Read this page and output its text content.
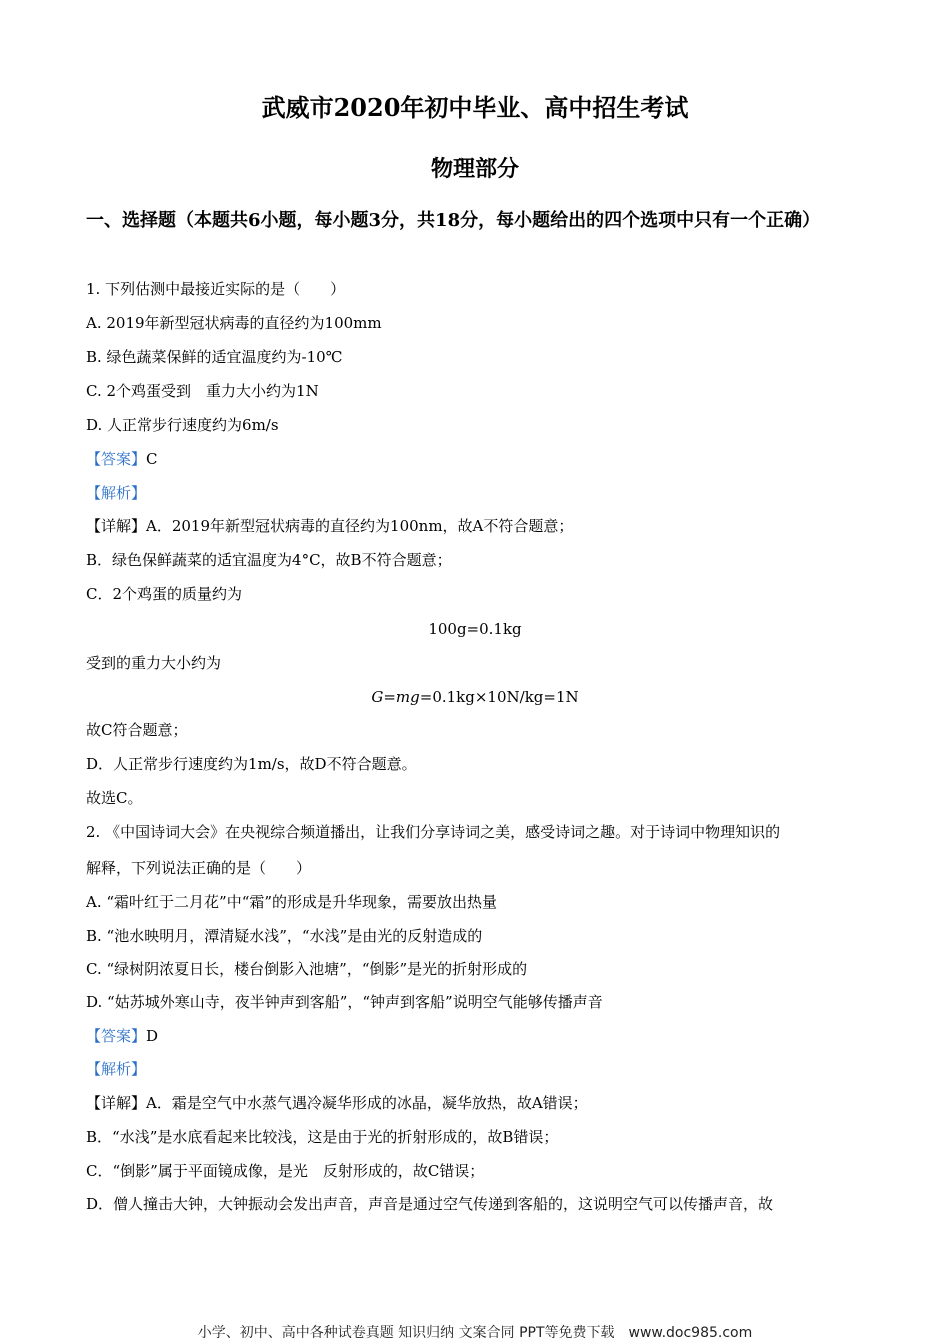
武威市2020年初中毕业、高中招生考试
物理部分
一、选择题（本题共6小题，每小题3分，共18分，每小题给出的四个选项中只有一个正确）
1. 下列估测中最接近实际的是（　　）
A. 2019年新型冠状病毒的直径约为100mm
B. 绿色蔬菜保鲜的适宜温度约为-10℃
C. 2个鸡蛋受到　重力大小约为1N
D. 人正常步行速度约为6m/s
【答案】C
【解析】
【详解】A．2019年新型冠状病毒的直径约为100nm，故A不符合题意；
B．绿色保鲜蔬菜的适宜温度为4°C，故B不符合题意；
C．2个鸡蛋的质量约为
100g=0.1kg
受到的重力大小约为
G=mg=0.1kg×10N/kg=1N
故C符合题意；
D．人正常步行速度约为1m/s，故D不符合题意。
故选C。
2. 《中国诗词大会》在央视综合频道播出，让我们分享诗词之美，感受诗词之趣。对于诗词中物理知识的
解释，下列说法正确的是（　　）
A. “霜叶红于二月花”中“霜”的形成是升华现象，需要放出热量
B. “池水映明月，潭清疑水浅”，“水浅”是由光的反射造成的
C. “绿树阴浓夏日长，楼台倒影入池塘”，“倒影”是光的折射形成的
D. “姑苏城外寒山寺，夜半钟声到客船”，“钟声到客船”说明空气能够传播声音
【答案】D
【解析】
【详解】A．霜是空气中水蒸气遇冷凝华形成的冰晶，凝华放热，故A错误；
B．“水浅”是水底看起来比较浅，这是由于光的折射形成的，故B错误；
C．“倒影”属于平面镜成像，是光　反射形成的，故C错误；
D．僧人撞击大钟，大钟振动会发出声音，声音是通过空气传递到客船的，这说明空气可以传播声音，故
小学、初中、高中各种试卷真题 知识归纳 文案合同 PPT等免费下载　www.doc985.com
